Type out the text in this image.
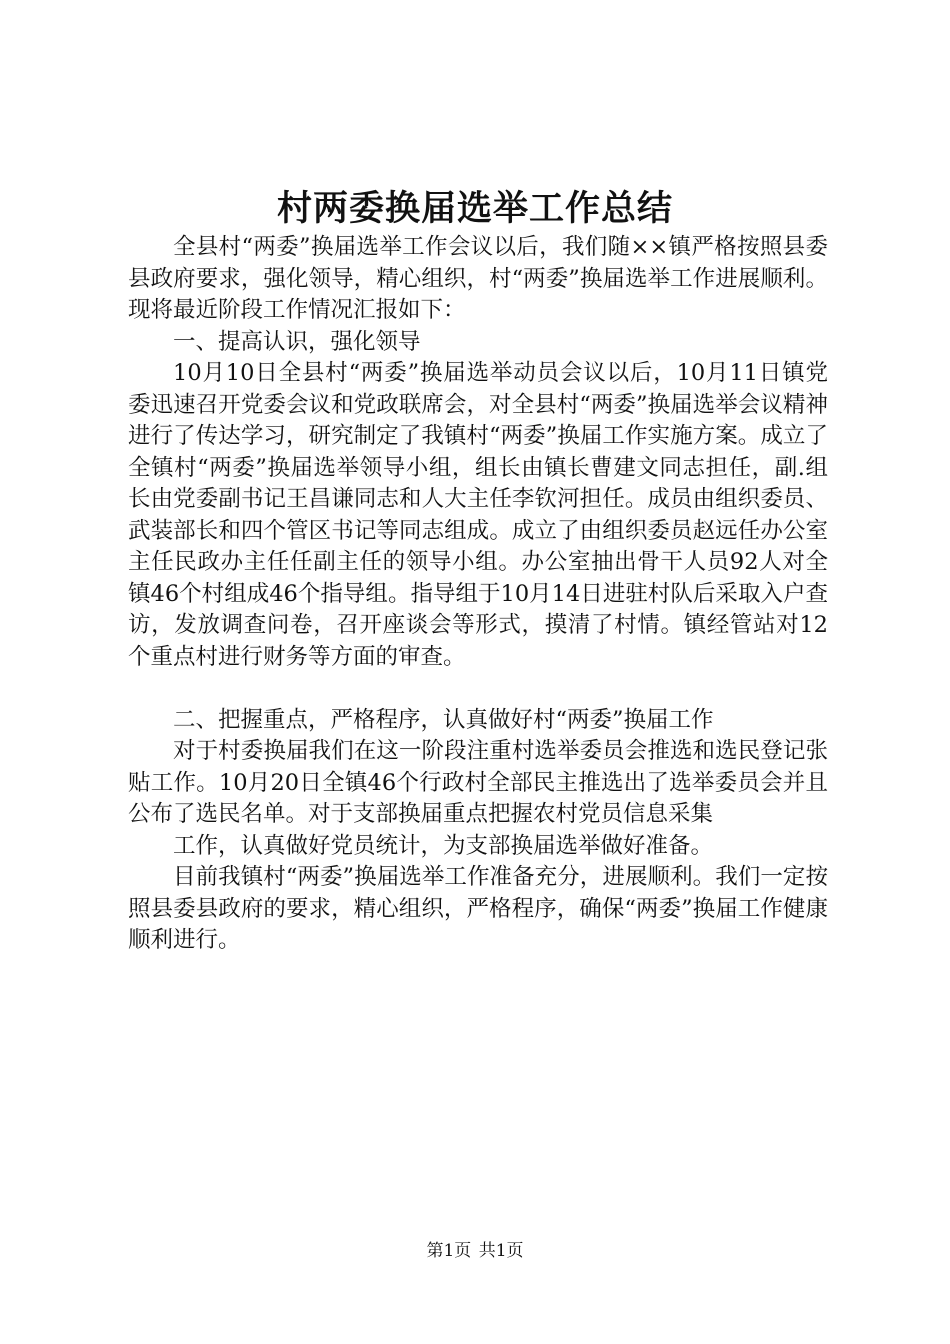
村两委换届选举工作总结

全县村“两委”换届选举工作会议以后，我们随××镇严格按照县委县政府要求，强化领导，精心组织，村“两委”换届选举工作进展顺利。现将最近阶段工作情况汇报如下：

一、提高认识，强化领导

10月10日全县村“两委”换届选举动员会议以后，10月11日镇党委迅速召开党委会议和党政联席会，对全县村“两委”换届选举会议精神进行了传达学习，研究制定了我镇村“两委”换届工作实施方案。成立了全镇村“两委”换届选举领导小组，组长由镇长曹建文同志担任，副.组长由党委副书记王昌谦同志和人大主任李钦河担任。成员由组织委员、武装部长和四个管区书记等同志组成。成立了由组织委员赵远任办公室主任民政办主任任副主任的领导小组。办公室抽出骨干人员92人对全镇46个村组成46个指导组。指导组于10月14日进驻村队后采取入户查访，发放调查问卷，召开座谈会等形式，摸清了村情。镇经管站对12个重点村进行财务等方面的审查。

二、把握重点，严格程序，认真做好村“两委”换届工作

对于村委换届我们在这一阶段注重村选举委员会推选和选民登记张贴工作。10月20日全镇46个行政村全部民主推选出了选举委员会并且公布了选民名单。对于支部换届重点把握农村党员信息采集

工作，认真做好党员统计，为支部换届选举做好准备。

目前我镇村“两委”换届选举工作准备充分，进展顺利。我们一定按照县委县政府的要求，精心组织，严格程序，确保“两委”换届工作健康顺利进行。

第1页 共1页
